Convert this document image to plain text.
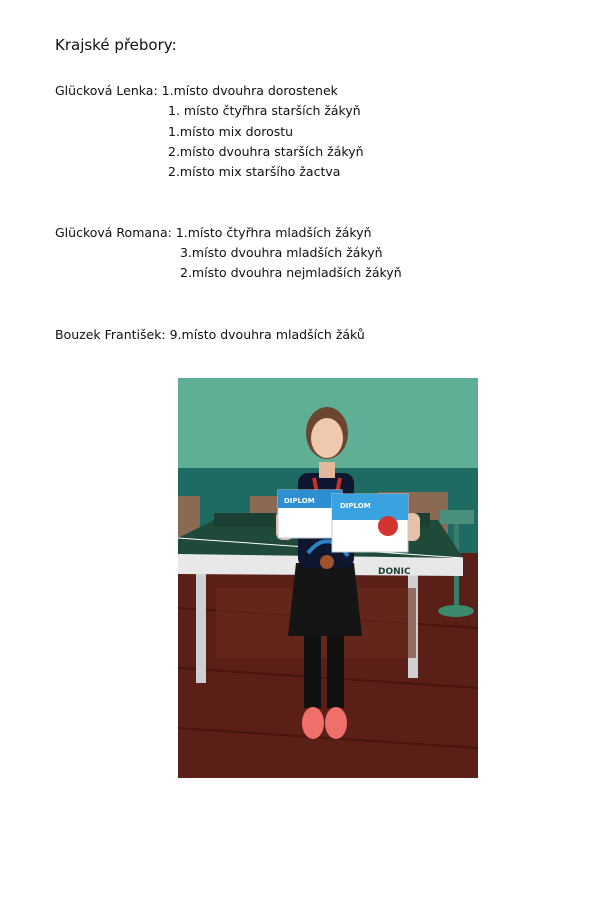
Krajské přebory:
Glücková Lenka: 1.místo dvouhra dorostenek
1. místo čtyřhra starších žákyň
1.místo mix dorostu
2.místo dvouhra starších žákyň
2.místo mix staršího žactva
Glücková Romana: 1.místo čtyřhra mladších žákyň
3.místo dvouhra mladších žákyň
2.místo dvouhra nejmladších žákyň
Bouzek František: 9.místo dvouhra mladších žáků
DONIC
DIPLOM
DIPLOM
